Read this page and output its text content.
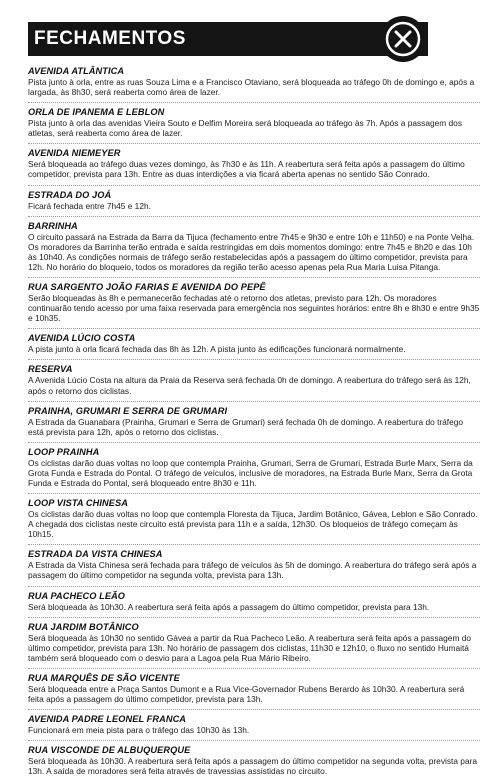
FECHAMENTOS

AVENIDA ATLÂNTICA

Pista junto à orla, entre as ruas Souza Lima e a Francisco Otaviano, será bloqueada ao tráfego 0h de domingo e, após a largada, às 8h30, será reaberta como área de lazer.

ORLA DE IPANEMA E LEBLON

Pista junto à orla das avenidas Vieira Souto e Delfim Moreira será bloqueada ao tráfego às 7h. Após a passagem dos atletas, será reaberta como área de lazer.

AVENIDA NIEMEYER

Será bloqueada ao tráfego duas vezes domingo, às 7h30 e às 11h. A reabertura será feita após a passagem do último competidor, prevista para 13h. Entre as duas interdições a via ficará aberta apenas no sentido São Conrado.

ESTRADA DO JOÁ

Ficará fechada entre 7h45 e 12h.

BARRINHA

O circuito passará na Estrada da Barra da Tijuca (fechamento entre 7h45 e 9h30 e entre 10h e 11h50) e na Ponte Velha. Os moradores da Barrinha terão entrada e saída restringidas em dois momentos domingo: entre 7h45 e 8h20 e das 10h às 10h40. As condições normais de tráfego serão restabelecidas após a passagem do último competidor, prevista para 12h. No horário do bloqueio, todos os moradores da região terão acesso apenas pela Rua Maria Luisa Pitanga.

RUA SARGENTO JOÃO FARIAS E AVENIDA DO PEPÊ

Serão bloqueadas às 8h e permanecerão fechadas até o retorno dos atletas, previsto para 12h. Os moradores continuarão tendo acesso por uma faixa reservada para emergência nos seguintes horários: entre 8h e 8h30 e entre 9h35 e 10h35.

AVENIDA LÚCIO COSTA

A pista junto à orla ficará fechada das 8h às 12h. A pista junto às edificações funcionará normalmente.

RESERVA

A Avenida Lúcio Costa na altura da Praia da Reserva será fechada 0h de domingo. A reabertura do tráfego será às 12h, após o retorno dos ciclistas.

PRAINHA, GRUMARI E SERRA DE GRUMARI

A Estrada da Guanabara (Prainha, Grumari e Serra de Grumari) será fechada 0h de domingo. A reabertura do tráfego está prevista para 12h, após o retorno dos ciclistas.

LOOP PRAINHA

Os ciclistas darão duas voltas no loop que contempla Prainha, Grumari, Serra de Grumari, Estrada Burle Marx, Serra da Grota Funda e Estrada do Pontal. O tráfego de veículos, inclusive de moradores, na Estrada Burle Marx, Serra da Grota Funda e Estrada do Pontal, será bloqueado entre 8h30 e 11h.

LOOP VISTA CHINESA

Os ciclistas darão duas voltas no loop que contempla Floresta da Tijuca, Jardim Botânico, Gávea, Leblon e São Conrado. A chegada dos ciclistas neste circuito está prevista para 11h e a saída, 12h30. Os bloqueios de tráfego começam às 10h15.

ESTRADA DA VISTA CHINESA

A Estrada da Vista Chinesa será fechada para tráfego de veículos às 5h de domingo. A reabertura do tráfego será após a passagem do último competidor na segunda volta, prevista para 13h.

RUA PACHECO LEÃO

Será bloqueada às 10h30. A reabertura será feita após a passagem do último competidor, prevista para 13h.

RUA JARDIM BOTÂNICO

Será bloqueada às 10h30 no sentido Gávea a partir da Rua Pacheco Leão. A reabertura será feita após a passagem do último competidor, prevista para 13h. No horário de passagem dos ciclistas, 11h30 e 12h10, o fluxo no sentido Humaitá também será bloqueado com o desvio para a Lagoa pela Rua Mário Ribeiro.

RUA MARQUÊS DE SÃO VICENTE

Será bloqueada entre a Praça Santos Dumont e a Rua Vice-Governador Rubens Berardo às 10h30. A reabertura será feita após a passagem do último competidor, prevista para 13h.

AVENIDA PADRE LEONEL FRANCA

Funcionará em meia pista para o tráfego das 10h30 às 13h.

RUA VISCONDE DE ALBUQUERQUE

Será bloqueada às 10h30. A reabertura será feita após a passagem do último competidor na segunda volta, prevista para 13h. A saída de moradores será feita através de travessias assistidas no circuito.
